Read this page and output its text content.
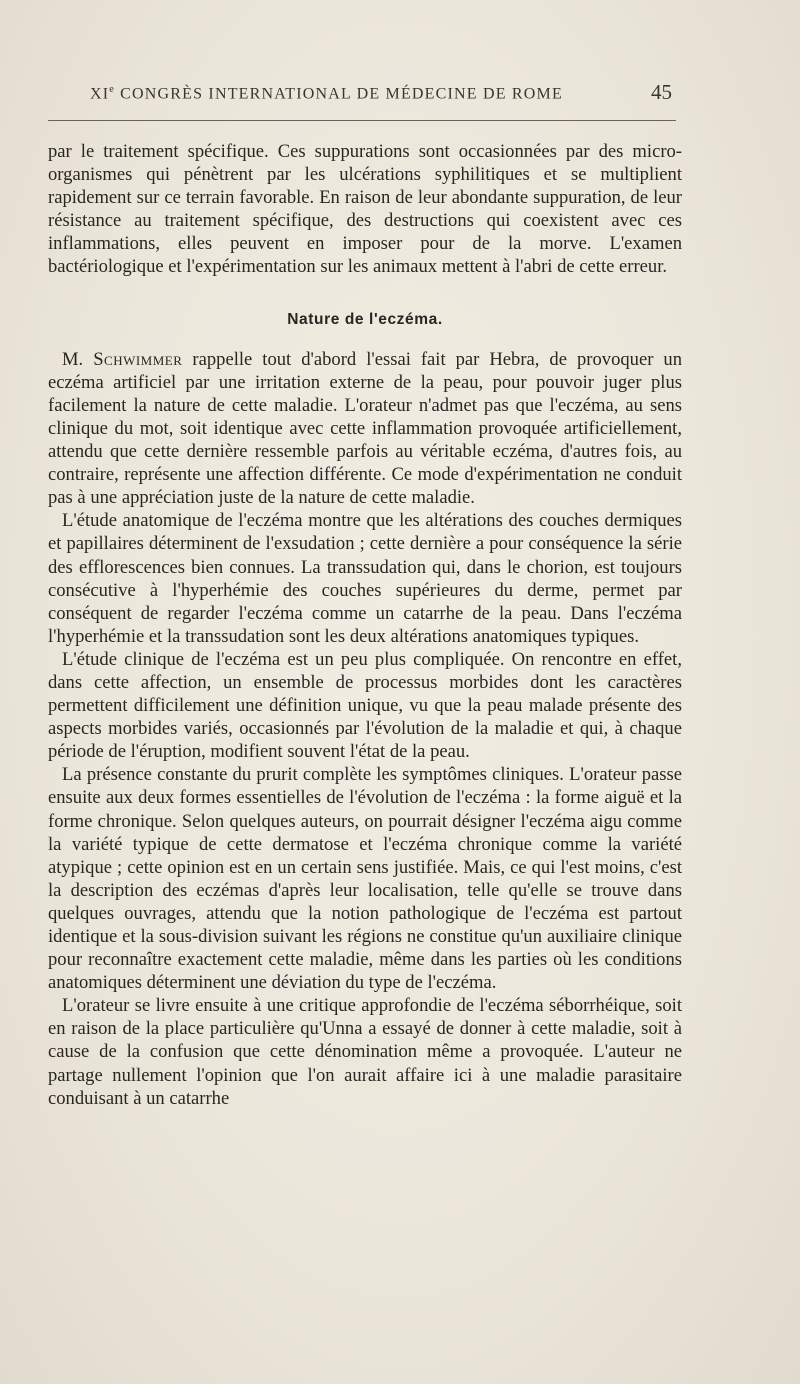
XIe CONGRÈS INTERNATIONAL DE MÉDECINE DE ROME	45

par le traitement spécifique. Ces suppurations sont occasionnées par des micro-organismes qui pénètrent par les ulcérations syphilitiques et se multiplient rapidement sur ce terrain favorable. En raison de leur abondante suppuration, de leur résistance au traitement spécifique, des destructions qui coexistent avec ces inflammations, elles peuvent en imposer pour de la morve. L'examen bactériologique et l'expérimentation sur les animaux mettent à l'abri de cette erreur.

Nature de l'eczéma.

M. Schwimmer rappelle tout d'abord l'essai fait par Hebra, de provoquer un eczéma artificiel par une irritation externe de la peau, pour pouvoir juger plus facilement la nature de cette maladie. L'orateur n'admet pas que l'eczéma, au sens clinique du mot, soit identique avec cette inflammation provoquée artificiellement, attendu que cette dernière ressemble parfois au véritable eczéma, d'autres fois, au contraire, représente une affection différente. Ce mode d'expérimentation ne conduit pas à une appréciation juste de la nature de cette maladie.

L'étude anatomique de l'eczéma montre que les altérations des couches dermiques et papillaires déterminent de l'exsudation ; cette dernière a pour conséquence la série des efflorescences bien connues. La transsudation qui, dans le chorion, est toujours consécutive à l'hyperhémie des couches supérieures du derme, permet par conséquent de regarder l'eczéma comme un catarrhe de la peau. Dans l'eczéma l'hyperhémie et la transsudation sont les deux altérations anatomiques typiques.

L'étude clinique de l'eczéma est un peu plus compliquée. On rencontre en effet, dans cette affection, un ensemble de processus morbides dont les caractères permettent difficilement une définition unique, vu que la peau malade présente des aspects morbides variés, occasionnés par l'évolution de la maladie et qui, à chaque période de l'éruption, modifient souvent l'état de la peau.

La présence constante du prurit complète les symptômes cliniques. L'orateur passe ensuite aux deux formes essentielles de l'évolution de l'eczéma : la forme aiguë et la forme chronique. Selon quelques auteurs, on pourrait désigner l'eczéma aigu comme la variété typique de cette dermatose et l'eczéma chronique comme la variété atypique ; cette opinion est en un certain sens justifiée. Mais, ce qui l'est moins, c'est la description des eczémas d'après leur localisation, telle qu'elle se trouve dans quelques ouvrages, attendu que la notion pathologique de l'eczéma est partout identique et la sous-division suivant les régions ne constitue qu'un auxiliaire clinique pour reconnaître exactement cette maladie, même dans les parties où les conditions anatomiques déterminent une déviation du type de l'eczéma.

L'orateur se livre ensuite à une critique approfondie de l'eczéma séborrhéique, soit en raison de la place particulière qu'Unna a essayé de donner à cette maladie, soit à cause de la confusion que cette dénomination même a provoquée. L'auteur ne partage nullement l'opinion que l'on aurait affaire ici à une maladie parasitaire conduisant à un catarrhe
